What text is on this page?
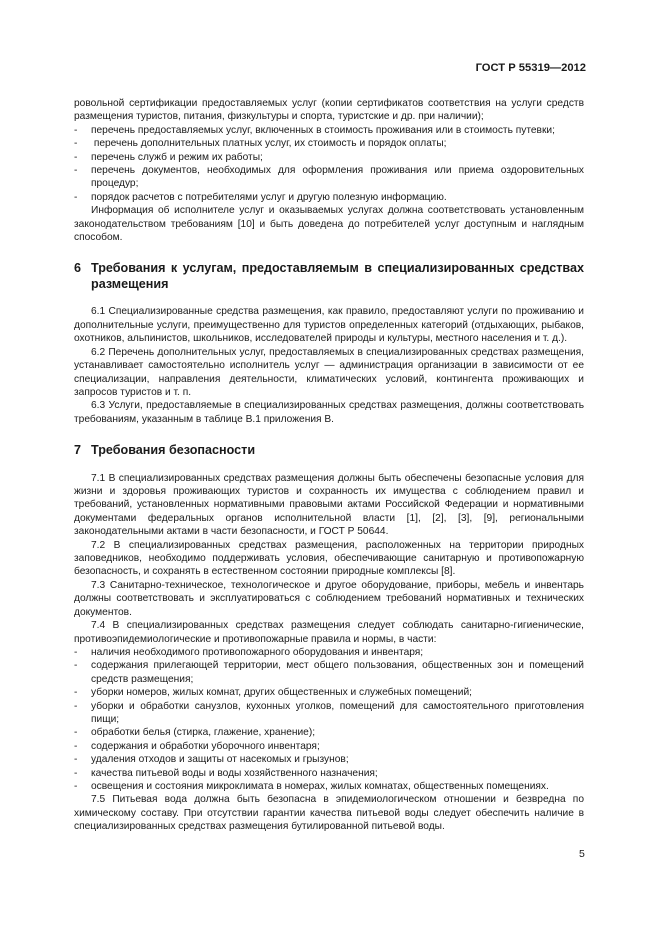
ГОСТ Р 55319—2012

ровольной сертификации предоставляемых услуг (копии сертификатов соответствия на услуги средств размещения туристов, питания, физкультуры и спорта, туристские и др. при наличии);

- перечень предоставляемых услуг, включенных в стоимость проживания или в стоимость путевки;

- перечень дополнительных платных услуг, их стоимость и порядок оплаты;

- перечень служб и режим их работы;

- перечень документов, необходимых для оформления проживания или приема оздоровительных процедур;

- порядок расчетов с потребителями услуг и другую полезную информацию.

Информация об исполнителе услуг и оказываемых услугах должна соответствовать установленным законодательством требованиям [10] и быть доведена до потребителей услуг доступным и наглядным способом.

6 Требования к услугам, предоставляемым в специализированных средствах размещения

6.1 Специализированные средства размещения, как правило, предоставляют услуги по проживанию и дополнительные услуги, преимущественно для туристов определенных категорий (отдыхающих, рыбаков, охотников, альпинистов, школьников, исследователей природы и культуры, местного населения и т. д.).

6.2 Перечень дополнительных услуг, предоставляемых в специализированных средствах размещения, устанавливает самостоятельно исполнитель услуг — администрация организации в зависимости от ее специализации, направления деятельности, климатических условий, контингента проживающих и запросов туристов и т. п.

6.3 Услуги, предоставляемые в специализированных средствах размещения, должны соответствовать требованиям, указанным в таблице В.1 приложения В.

7 Требования безопасности

7.1 В специализированных средствах размещения должны быть обеспечены безопасные условия для жизни и здоровья проживающих туристов и сохранность их имущества с соблюдением правил и требований, установленных нормативными правовыми актами Российской Федерации и нормативными документами федеральных органов исполнительной власти [1], [2], [3], [9], региональными законодательными актами в части безопасности, и ГОСТ Р 50644.

7.2 В специализированных средствах размещения, расположенных на территории природных заповедников, необходимо поддерживать условия, обеспечивающие санитарную и противопожарную безопасность, и сохранять в естественном состоянии природные комплексы [8].

7.3 Санитарно-техническое, технологическое и другое оборудование, приборы, мебель и инвентарь должны соответствовать и эксплуатироваться с соблюдением требований нормативных и технических документов.

7.4 В специализированных средствах размещения следует соблюдать санитарно-гигиенические, противоэпидемиологические и противопожарные правила и нормы, в части:

- наличия необходимого противопожарного оборудования и инвентаря;

- содержания прилегающей территории, мест общего пользования, общественных зон и помещений средств размещения;

- уборки номеров, жилых комнат, других общественных и служебных помещений;

- уборки и обработки санузлов, кухонных уголков, помещений для самостоятельного приготовления пищи;

- обработки белья (стирка, глажение, хранение);

- содержания и обработки уборочного инвентаря;

- удаления отходов и защиты от насекомых и грызунов;

- качества питьевой воды и воды хозяйственного назначения;

- освещения и состояния микроклимата в номерах, жилых комнатах, общественных помещениях.

7.5 Питьевая вода должна быть безопасна в эпидемиологическом отношении и безвредна по химическому составу. При отсутствии гарантии качества питьевой воды следует обеспечить наличие в специализированных средствах размещения бутилированной питьевой воды.

5
